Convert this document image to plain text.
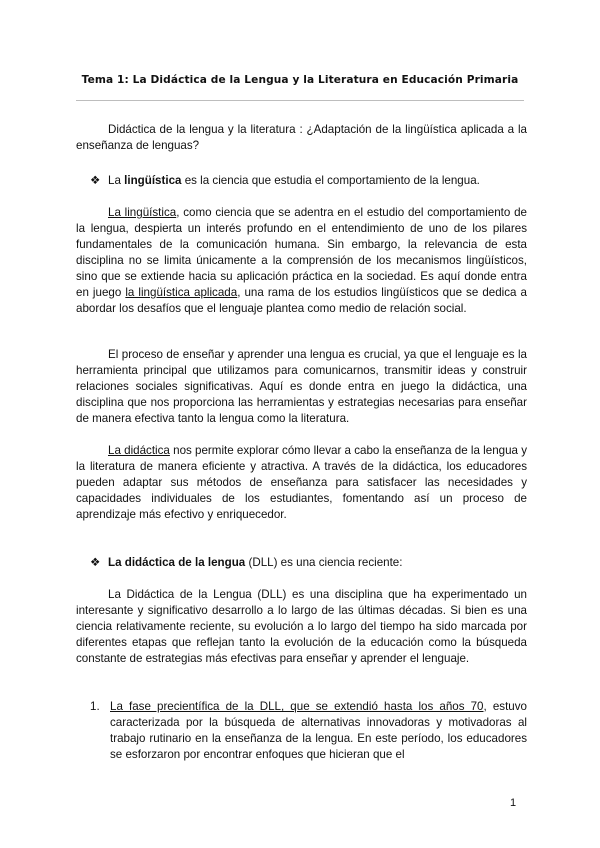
Tema 1: La Didáctica de la Lengua y la Literatura en Educación Primaria

Didáctica de la lengua y la literatura : ¿Adaptación de la lingüística aplicada a la enseñanza de lenguas?

❖ La lingüística es la ciencia que estudia el comportamiento de la lengua.

La lingüística, como ciencia que se adentra en el estudio del comportamiento de la lengua, despierta un interés profundo en el entendimiento de uno de los pilares fundamentales de la comunicación humana. Sin embargo, la relevancia de esta disciplina no se limita únicamente a la comprensión de los mecanismos lingüísticos, sino que se extiende hacia su aplicación práctica en la sociedad. Es aquí donde entra en juego la lingüística aplicada, una rama de los estudios lingüísticos que se dedica a abordar los desafíos que el lenguaje plantea como medio de relación social.

El proceso de enseñar y aprender una lengua es crucial, ya que el lenguaje es la herramienta principal que utilizamos para comunicarnos, transmitir ideas y construir relaciones sociales significativas. Aquí es donde entra en juego la didáctica, una disciplina que nos proporciona las herramientas y estrategias necesarias para enseñar de manera efectiva tanto la lengua como la literatura.

La didáctica nos permite explorar cómo llevar a cabo la enseñanza de la lengua y la literatura de manera eficiente y atractiva. A través de la didáctica, los educadores pueden adaptar sus métodos de enseñanza para satisfacer las necesidades y capacidades individuales de los estudiantes, fomentando así un proceso de aprendizaje más efectivo y enriquecedor.

❖ La didáctica de la lengua (DLL) es una ciencia reciente:

La Didáctica de la Lengua (DLL) es una disciplina que ha experimentado un interesante y significativo desarrollo a lo largo de las últimas décadas. Si bien es una ciencia relativamente reciente, su evolución a lo largo del tiempo ha sido marcada por diferentes etapas que reflejan tanto la evolución de la educación como la búsqueda constante de estrategias más efectivas para enseñar y aprender el lenguaje.

1. La fase precientífica de la DLL, que se extendió hasta los años 70, estuvo caracterizada por la búsqueda de alternativas innovadoras y motivadoras al trabajo rutinario en la enseñanza de la lengua. En este período, los educadores se esforzaron por encontrar enfoques que hicieran que el

1
